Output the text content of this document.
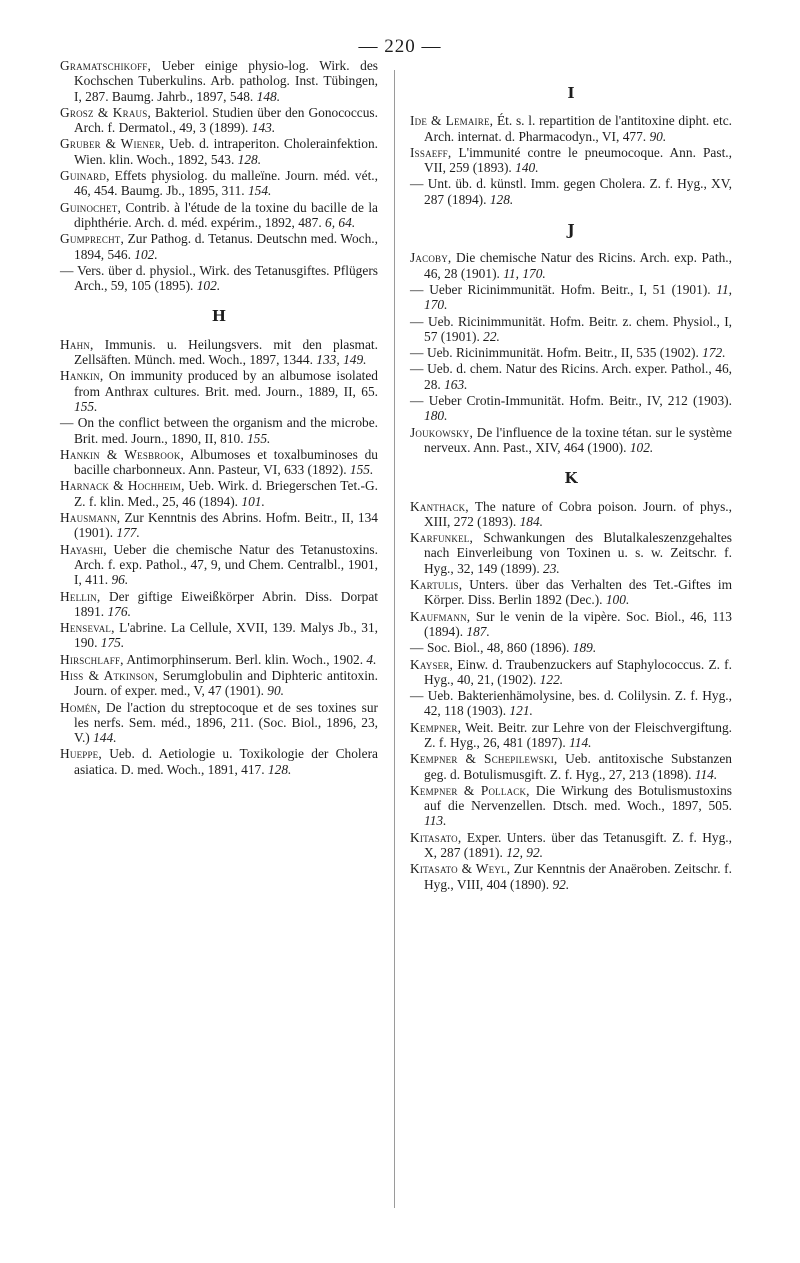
— 220 —
Gramatschikoff, Ueber einige physio-log. Wirk. des Kochschen Tuberkulins. Arb. patholog. Inst. Tübingen, I, 287. Baumg. Jahrb., 1897, 548. 148.
Grosz & Kraus, Bakteriol. Studien über den Gonococcus. Arch. f. Dermatol., 49, 3 (1899). 143.
Gruber & Wiener, Ueb. d. intraperiton. Cholerainfektion. Wien. klin. Woch., 1892, 543. 128.
Guinard, Effets physiolog. du malleïne. Journ. méd. vét., 46, 454. Baumg. Jb., 1895, 311. 154.
Guinochet, Contrib. à l'étude de la toxine du bacille de la diphthérie. Arch. d. méd. expérim., 1892, 487. 6, 64.
Gumprecht, Zur Pathog. d. Tetanus. Deutschn med. Woch., 1894, 546. 102.
— Vers. über d. physiol., Wirk. des Tetanusgiftes. Pflügers Arch., 59, 105 (1895). 102.
H
Hahn, Immunis. u. Heilungsvers. mit den plasmat. Zellsäften. Münch. med. Woch., 1897, 1344. 133, 149.
Hankin, On immunity produced by an albumose isolated from Anthrax cultures. Brit. med. Journ., 1889, II, 65. 155.
— On the conflict between the organism and the microbe. Brit. med. Journ., 1890, II, 810. 155.
Hankin & Wesbrook, Albumoses et toxalbuminoses du bacille charbonneux. Ann. Pasteur, VI, 633 (1892). 155.
Harnack & Hochheim, Ueb. Wirk. d. Briegerschen Tet.-G. Z. f. klin. Med., 25, 46 (1894). 101.
Hausmann, Zur Kenntnis des Abrins. Hofm. Beitr., II, 134 (1901). 177.
Hayashi, Ueber die chemische Natur des Tetanustoxins. Arch. f. exp. Pathol., 47, 9, und Chem. Centralbl., 1901, I, 411. 96.
Hellin, Der giftige Eiweißkörper Abrin. Diss. Dorpat 1891. 176.
Henseval, L'abrine. La Cellule, XVII, 139. Malys Jb., 31, 190. 175.
Hirschlaff, Antimorphinserum. Berl. klin. Woch., 1902. 4.
Hiss & Atkinson, Serumglobulin and Diphteric antitoxin. Journ. of exper. med., V, 47 (1901). 90.
Homén, De l'action du streptocoque et de ses toxines sur les nerfs. Sem. méd., 1896, 211. (Soc. Biol., 1896, 23, V.) 144.
Hueppe, Ueb. d. Aetiologie u. Toxikologie der Cholera asiatica. D. med. Woch., 1891, 417. 128.
I
Ide & Lemaire, Ét. s. l. repartition de l'antitoxine dipht. etc. Arch. internat. d. Pharmacodyn., VI, 477. 90.
Issaeff, L'immunité contre le pneumocoque. Ann. Past., VII, 259 (1893). 140.
— Unt. üb. d. künstl. Imm. gegen Cholera. Z. f. Hyg., XV, 287 (1894). 128.
J
Jacoby, Die chemische Natur des Ricins. Arch. exp. Path., 46, 28 (1901). 11, 170.
— Ueber Ricinimmunität. Hofm. Beitr., I, 51 (1901). 11, 170.
— Ueb. Ricinimmunität. Hofm. Beitr. z. chem. Physiol., I, 57 (1901). 22.
— Ueb. Ricinimmunität. Hofm. Beitr., II, 535 (1902). 172.
— Ueb. d. chem. Natur des Ricins. Arch. exper. Pathol., 46, 28. 163.
— Ueber Crotin-Immunität. Hofm. Beitr., IV, 212 (1903). 180.
Joukowsky, De l'influence de la toxine tétan. sur le système nerveux. Ann. Past., XIV, 464 (1900). 102.
K
Kanthack, The nature of Cobra poison. Journ. of phys., XIII, 272 (1893). 184.
Karfunkel, Schwankungen des Blutalkaleszenzgehaltes nach Einverleibung von Toxinen u. s. w. Zeitschr. f. Hyg., 32, 149 (1899). 23.
Kartulis, Unters. über das Verhalten des Tet.-Giftes im Körper. Diss. Berlin 1892 (Dec.). 100.
Kaufmann, Sur le venin de la vipère. Soc. Biol., 46, 113 (1894). 187.
— Soc. Biol., 48, 860 (1896). 189.
Kayser, Einw. d. Traubenzuckers auf Staphylococcus. Z. f. Hyg., 40, 21, (1902). 122.
— Ueb. Bakterienhämolysine, bes. d. Colilysin. Z. f. Hyg., 42, 118 (1903). 121.
Kempner, Weit. Beitr. zur Lehre von der Fleischvergiftung. Z. f. Hyg., 26, 481 (1897). 114.
Kempner & Schepilewski, Ueb. antitoxische Substanzen geg. d. Botulismusgift. Z. f. Hyg., 27, 213 (1898). 114.
Kempner & Pollack, Die Wirkung des Botulismustoxins auf die Nervenzellen. Dtsch. med. Woch., 1897, 505. 113.
Kitasato, Exper. Unters. über das Tetanusgift. Z. f. Hyg., X, 287 (1891). 12, 92.
Kitasato & Weyl, Zur Kenntnis der Anaëroben. Zeitschr. f. Hyg., VIII, 404 (1890). 92.
